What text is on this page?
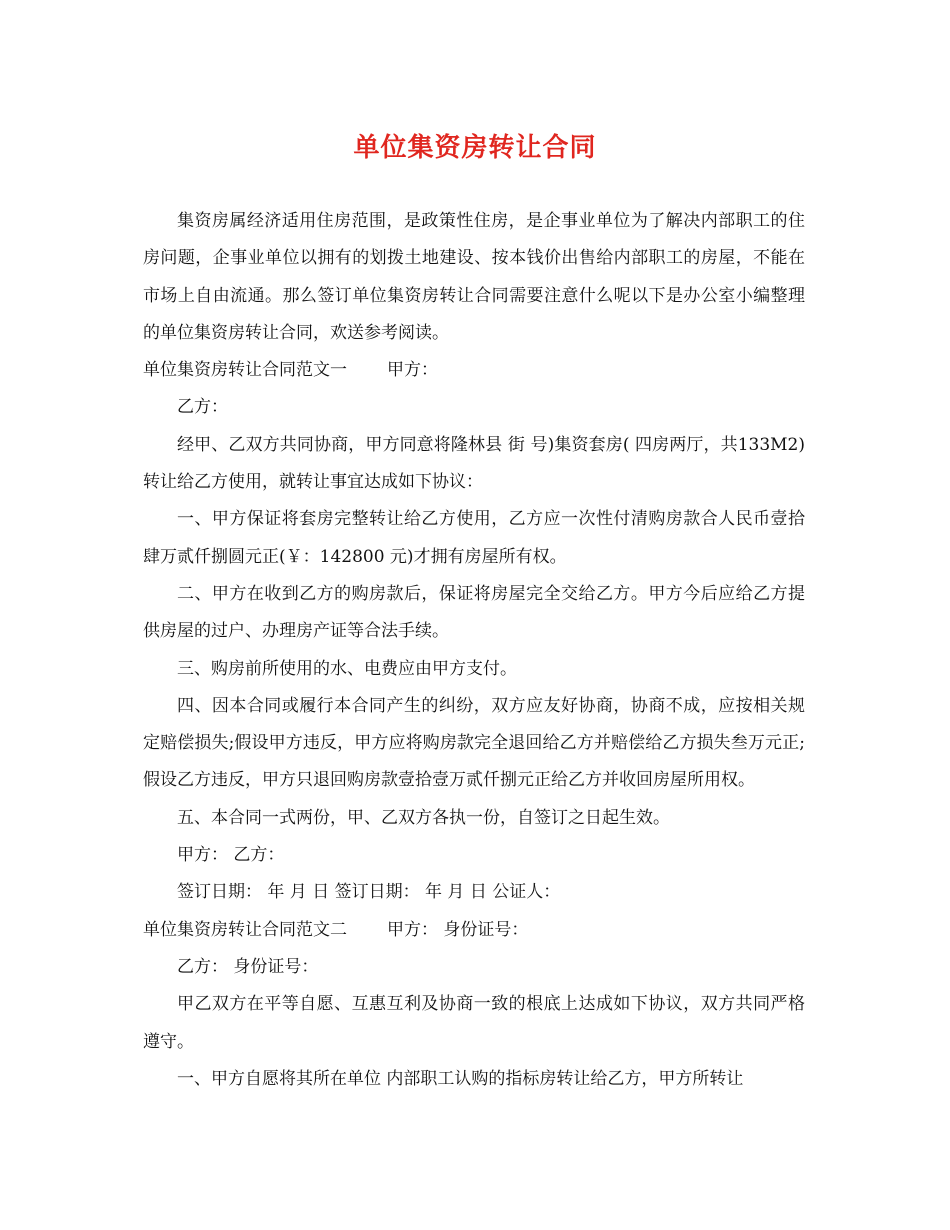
单位集资房转让合同

集资房属经济适用住房范围，是政策性住房，是企事业单位为了解决内部职工的住房问题，企事业单位以拥有的划拨土地建设、按本钱价出售给内部职工的房屋，不能在市场上自由流通。那么签订单位集资房转让合同需要注意什么呢以下是办公室小编整理的单位集资房转让合同，欢送参考阅读。

单位集资房转让合同范文一 甲方：

乙方：

经甲、乙双方共同协商，甲方同意将隆林县 街 号)集资套房( 四房两厅，共133M2)转让给乙方使用，就转让事宜达成如下协议：

一、甲方保证将套房完整转让给乙方使用，乙方应一次性付清购房款合人民币壹拾肆万贰仟捌圆元正(￥：142800 元)才拥有房屋所有权。

二、甲方在收到乙方的购房款后，保证将房屋完全交给乙方。甲方今后应给乙方提供房屋的过户、办理房产证等合法手续。

三、购房前所使用的水、电费应由甲方支付。

四、因本合同或履行本合同产生的纠纷，双方应友好协商，协商不成，应按相关规定赔偿损失;假设甲方违反，甲方应将购房款完全退回给乙方并赔偿给乙方损失叁万元正;假设乙方违反，甲方只退回购房款壹拾壹万贰仟捌元正给乙方并收回房屋所用权。

五、本合同一式两份，甲、乙双方各执一份，自签订之日起生效。

甲方： 乙方：

签订日期： 年 月 日 签订日期： 年 月 日 公证人：

单位集资房转让合同范文二 甲方： 身份证号：

乙方： 身份证号：

甲乙双方在平等自愿、互惠互利及协商一致的根底上达成如下协议，双方共同严格遵守。

一、甲方自愿将其所在单位 内部职工认购的指标房转让给乙方，甲方所转让
